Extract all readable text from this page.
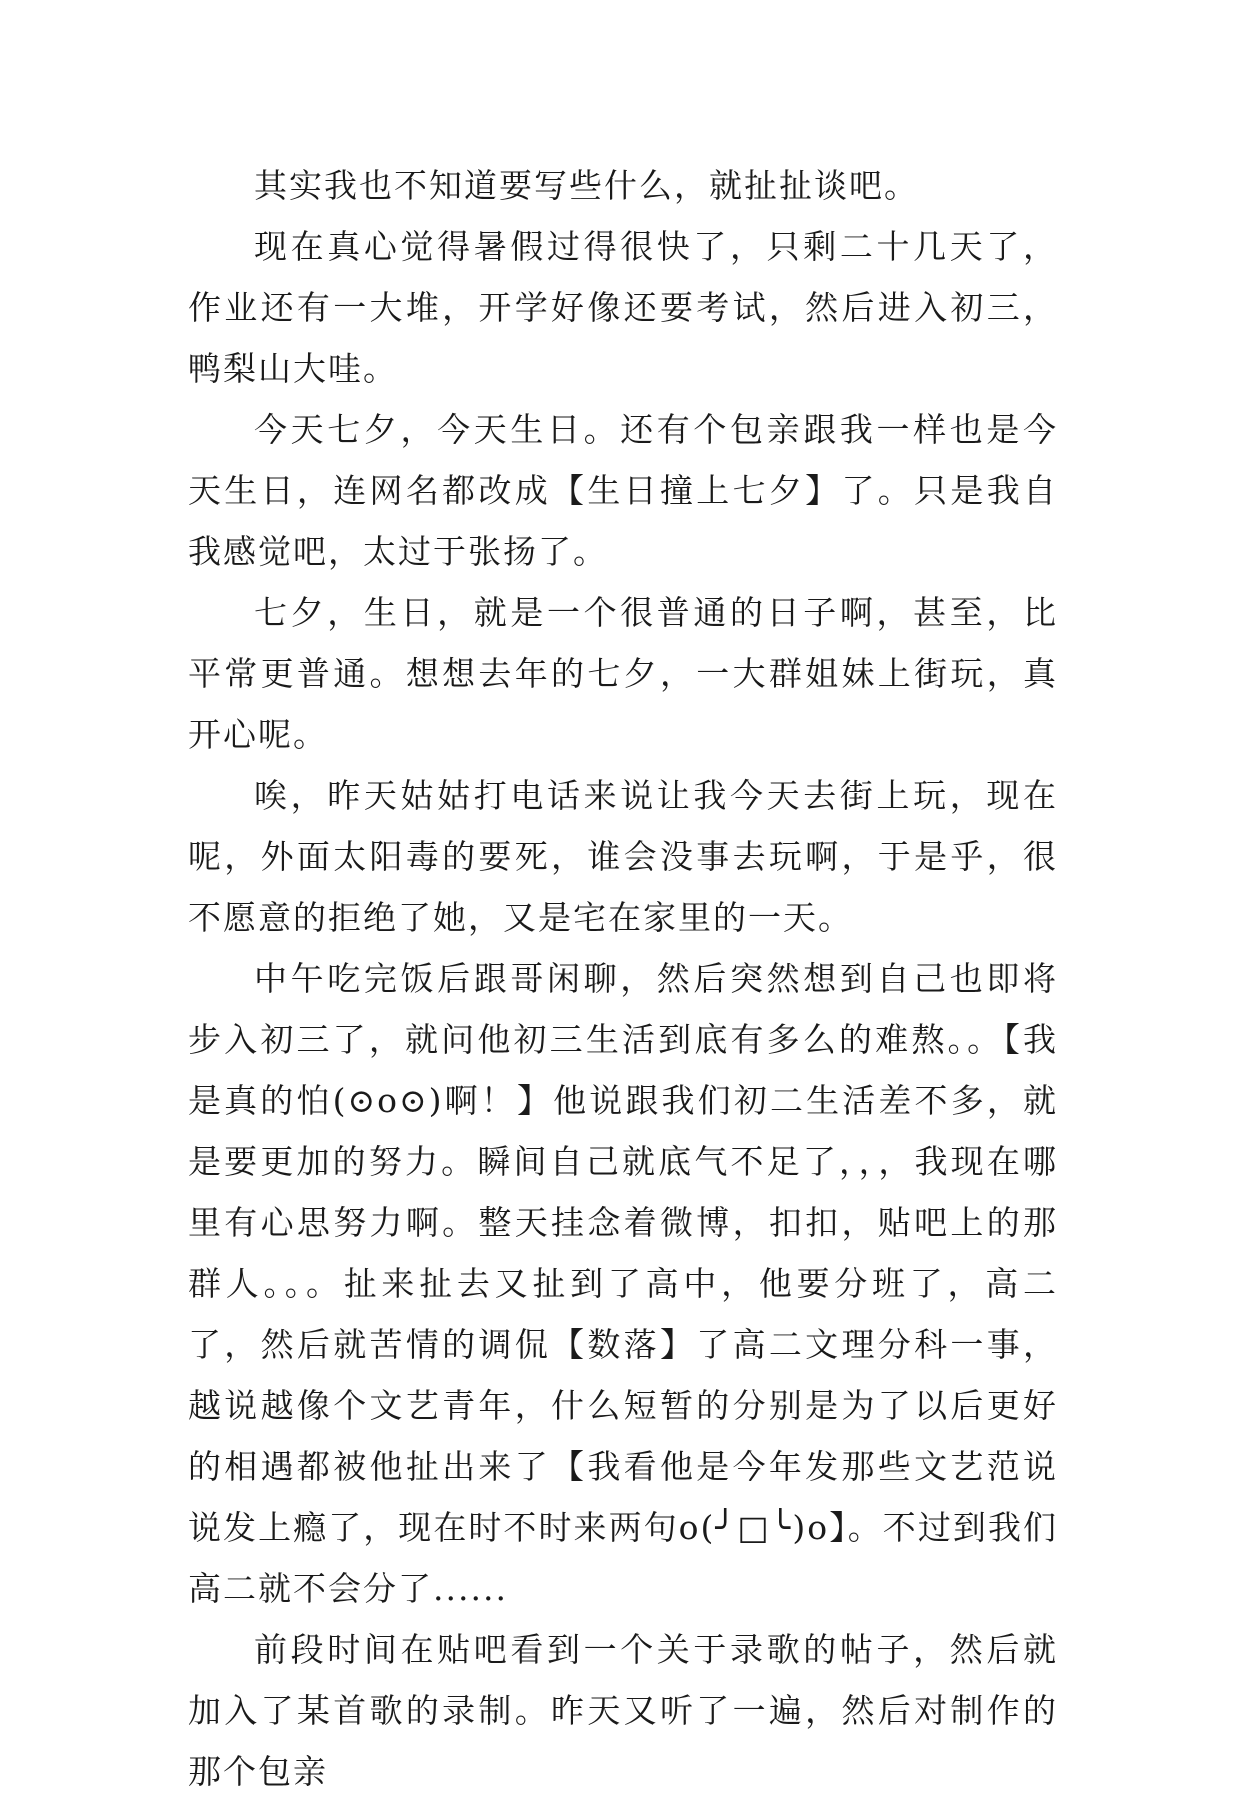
其实我也不知道要写些什么，就扯扯谈吧。

现在真心觉得暑假过得很快了，只剩二十几天了，作业还有一大堆，开学好像还要考试，然后进入初三，鸭梨山大哇。

今天七夕，今天生日。还有个包亲跟我一样也是今天生日，连网名都改成【生日撞上七夕】了。只是我自我感觉吧，太过于张扬了。

七夕，生日，就是一个很普通的日子啊，甚至，比平常更普通。想想去年的七夕，一大群姐妹上街玩，真开心呢。

唉，昨天姑姑打电话来说让我今天去街上玩，现在呢，外面太阳毒的要死，谁会没事去玩啊，于是乎，很不愿意的拒绝了她，又是宅在家里的一天。

中午吃完饭后跟哥闲聊，然后突然想到自己也即将步入初三了，就问他初三生活到底有多么的难熬。。【我是真的怕(⊙o⊙)啊！】他说跟我们初二生活差不多，就是要更加的努力。瞬间自己就底气不足了，，，我现在哪里有心思努力啊。整天挂念着微博，扣扣，贴吧上的那群人。。。扯来扯去又扯到了高中，他要分班了，高二了，然后就苦情的调侃【数落】了高二文理分科一事，越说越像个文艺青年，什么短暂的分别是为了以后更好的相遇都被他扯出来了【我看他是今年发那些文艺范说说发上瘾了，现在时不时来两句o(╯□╰)o】。不过到我们高二就不会分了......

前段时间在贴吧看到一个关于录歌的帖子，然后就加入了某首歌的录制。昨天又听了一遍，然后对制作的那个包亲
